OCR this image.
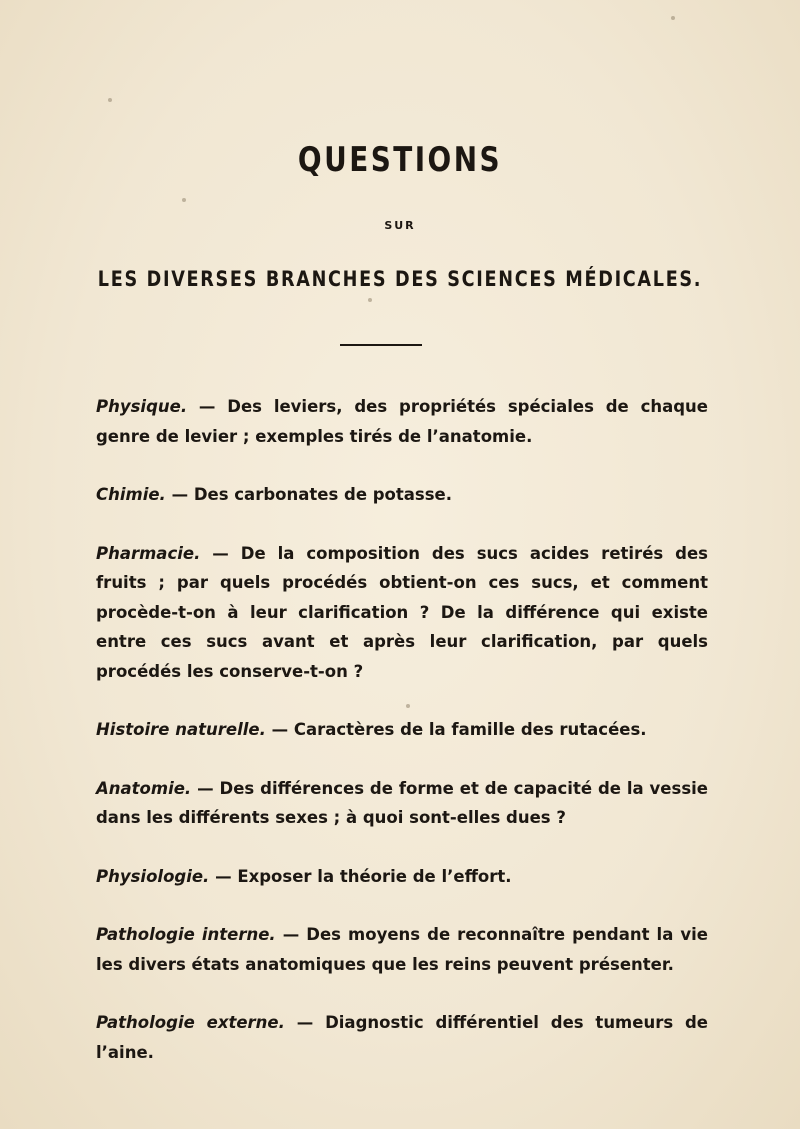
QUESTIONS
SUR
LES DIVERSES BRANCHES DES SCIENCES MÉDICALES.

Physique. — Des leviers, des propriétés spéciales de chaque genre de levier ; exemples tirés de l’anatomie.

Chimie. — Des carbonates de potasse.

Pharmacie. — De la composition des sucs acides retirés des fruits ; par quels procédés obtient-on ces sucs, et comment procède-t-on à leur clarification ? De la différence qui existe entre ces sucs avant et après leur clarification, par quels procédés les conserve-t-on ?

Histoire naturelle. — Caractères de la famille des rutacées.

Anatomie. — Des différences de forme et de capacité de la vessie dans les différents sexes ; à quoi sont-elles dues ?

Physiologie. — Exposer la théorie de l’effort.

Pathologie interne. — Des moyens de reconnaître pendant la vie les divers états anatomiques que les reins peuvent présenter.

Pathologie externe. — Diagnostic différentiel des tumeurs de l’aine.
